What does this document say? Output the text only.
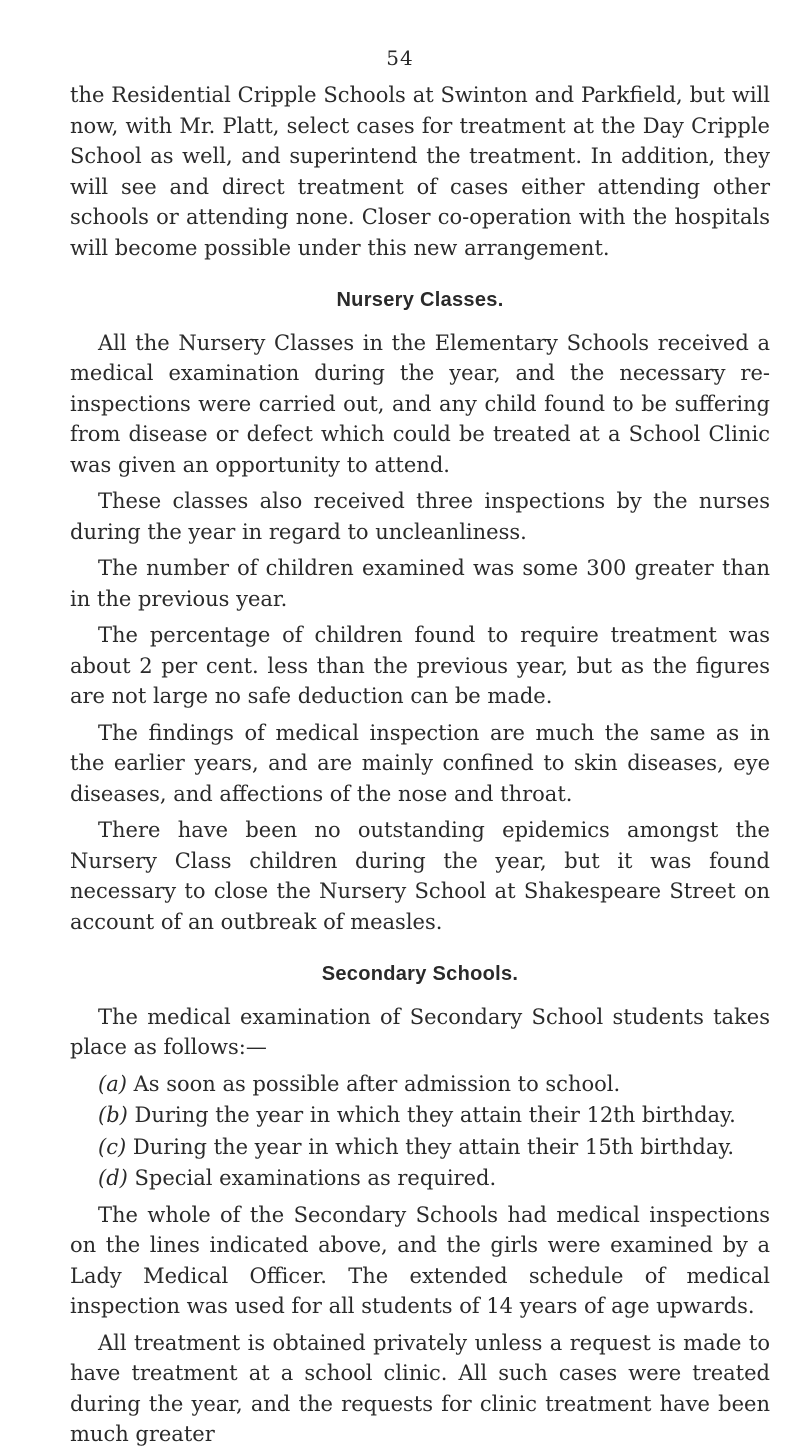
54

the Residential Cripple Schools at Swinton and Parkfield, but will now, with Mr. Platt, select cases for treatment at the Day Cripple School as well, and superintend the treatment. In addition, they will see and direct treatment of cases either attending other schools or attending none. Closer co-operation with the hospitals will become possible under this new arrangement.

Nursery Classes.

All the Nursery Classes in the Elementary Schools received a medical examination during the year, and the necessary re-inspections were carried out, and any child found to be suffering from disease or defect which could be treated at a School Clinic was given an opportunity to attend.

These classes also received three inspections by the nurses during the year in regard to uncleanliness.

The number of children examined was some 300 greater than in the previous year.

The percentage of children found to require treatment was about 2 per cent. less than the previous year, but as the figures are not large no safe deduction can be made.

The findings of medical inspection are much the same as in the earlier years, and are mainly confined to skin diseases, eye diseases, and affections of the nose and throat.

There have been no outstanding epidemics amongst the Nursery Class children during the year, but it was found necessary to close the Nursery School at Shakespeare Street on account of an outbreak of measles.

Secondary Schools.

The medical examination of Secondary School students takes place as follows:—

(a) As soon as possible after admission to school.
(b) During the year in which they attain their 12th birthday.
(c) During the year in which they attain their 15th birthday.
(d) Special examinations as required.

The whole of the Secondary Schools had medical inspections on the lines indicated above, and the girls were examined by a Lady Medical Officer. The extended schedule of medical inspection was used for all students of 14 years of age upwards.

All treatment is obtained privately unless a request is made to have treatment at a school clinic. All such cases were treated during the year, and the requests for clinic treatment have been much greater
